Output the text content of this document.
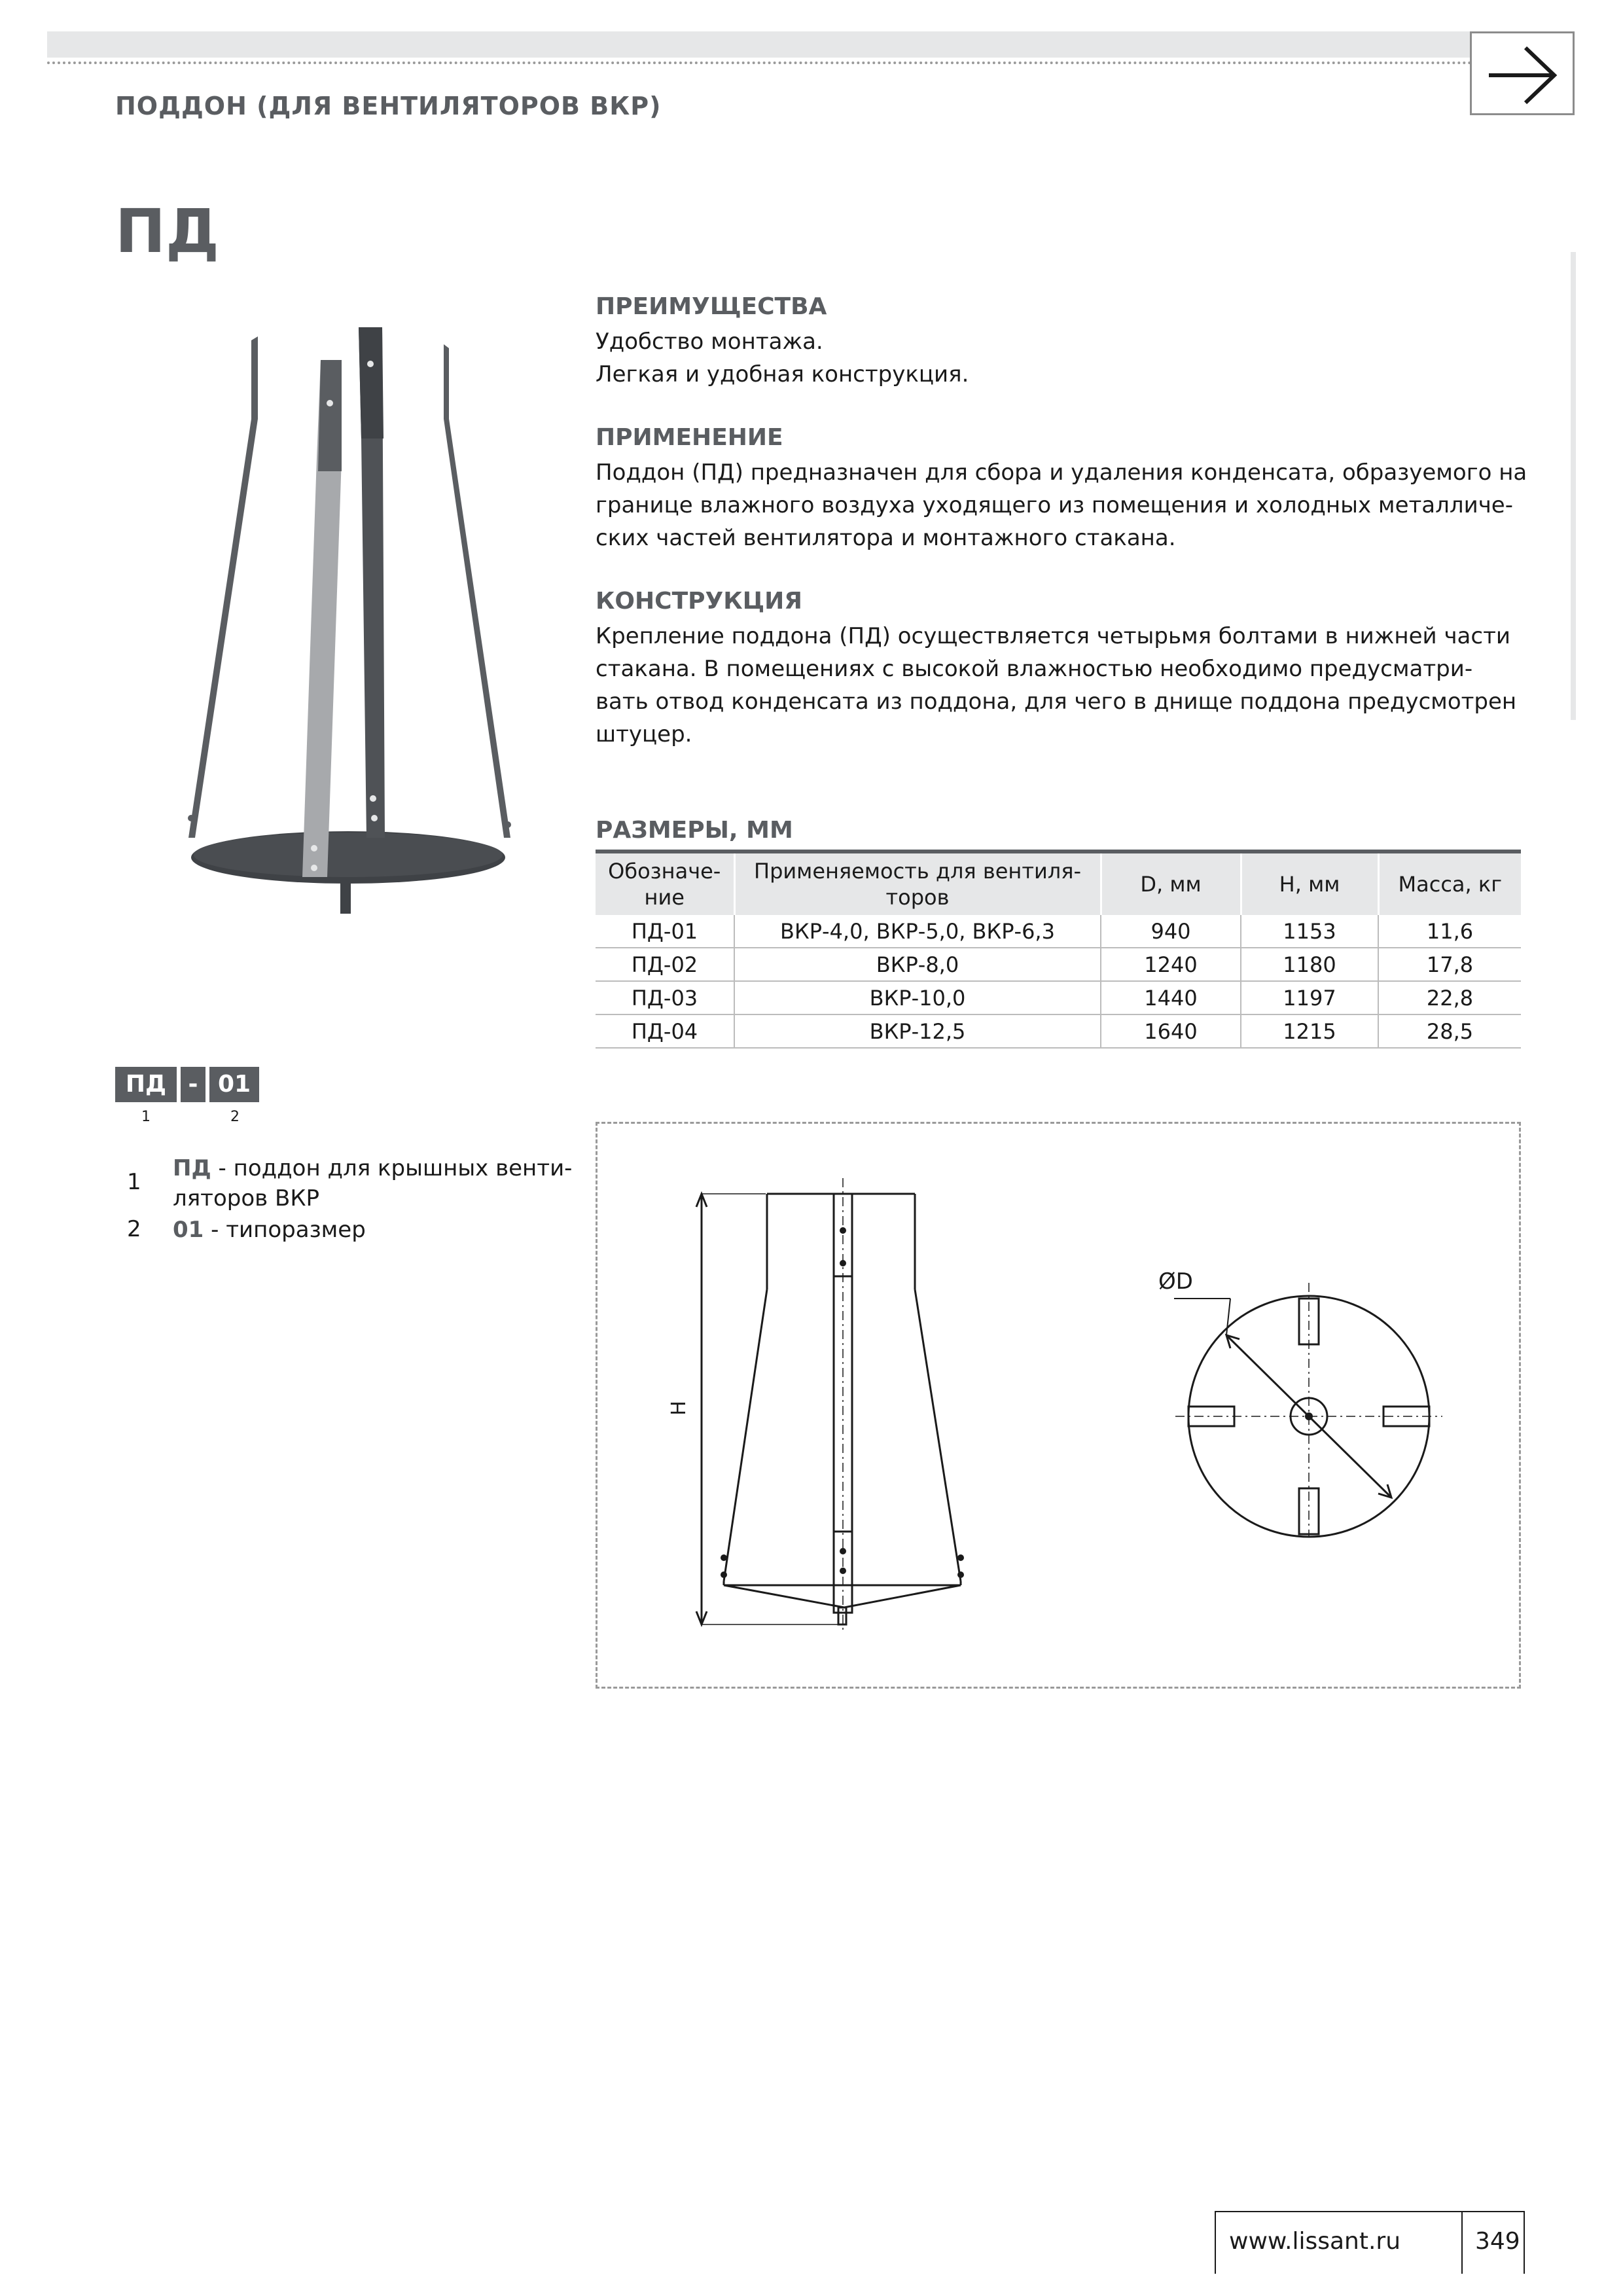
ПОДДОН (ДЛЯ ВЕНТИЛЯТОРОВ ВКР)
ПД
ПРЕИМУЩЕСТВА
Удобство монтажа.
Легкая и удобная конструкция.
ПРИМЕНЕНИЕ
Поддон (ПД) предназначен для сбора и удаления конденсата, образуемого на
границе влажного воздуха уходящего из помещения и холодных металличе-
ских частей вентилятора и монтажного стакана.
КОНСТРУКЦИЯ
Крепление поддона (ПД) осуществляется четырьмя болтами в нижней части
стакана. В помещениях с высокой влажностью необходимо предусматри-
вать отвод конденсата из поддона, для чего в днище поддона предусмотрен
штуцер.
РАЗМЕРЫ, ММ
Обозначе-
ние	Применяемость для вентиля-
торов	D, мм	H, мм	Масса, кг
ПД-01	ВКР-4,0, ВКР-5,0, ВКР-6,3	940	1153	11,6
ПД-02	ВКР-8,0	1240	1180	17,8
ПД-03	ВКР-10,0	1440	1197	22,8
ПД-04	ВКР-12,5	1640	1215	28,5
ПД - 01
1	2
1
ПД - поддон для крышных венти-
ляторов ВКР
2 01 - типоразмер
H
ØD
www.lissant.ru	349
